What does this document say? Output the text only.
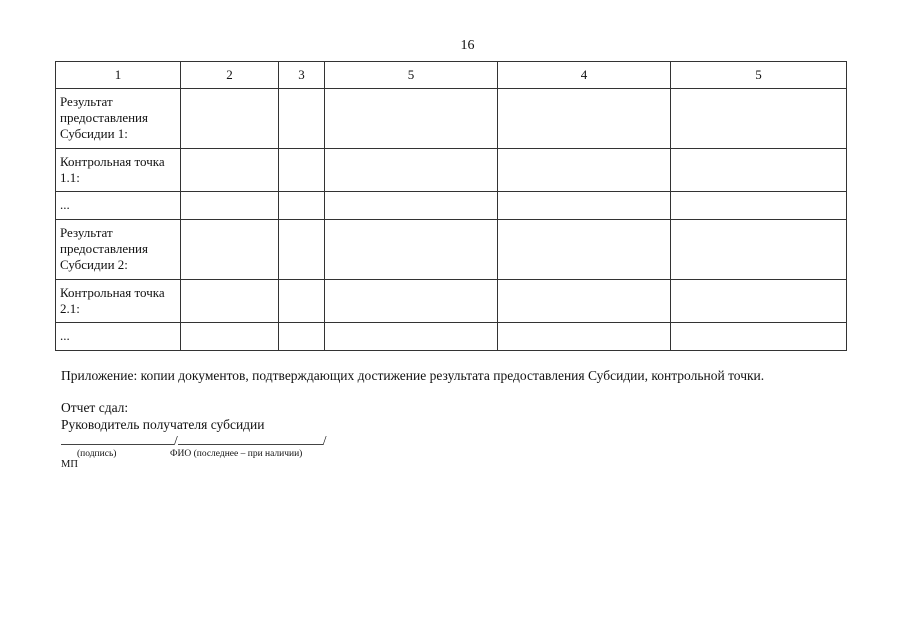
16
1	2	3	5	4	5
Результат предоставления Субсидии 1:					
Контрольная точка 1.1:					
...					
Результат предоставления Субсидии 2:					
Контрольная точка 2.1:					
...					
Приложение: копии документов, подтверждающих достижение результата предоставления Субсидии, контрольной точки.
Отчет сдал:
Руководитель получателя субсидии
/	/
(подпись)	ФИО (последнее – при наличии)
МП
